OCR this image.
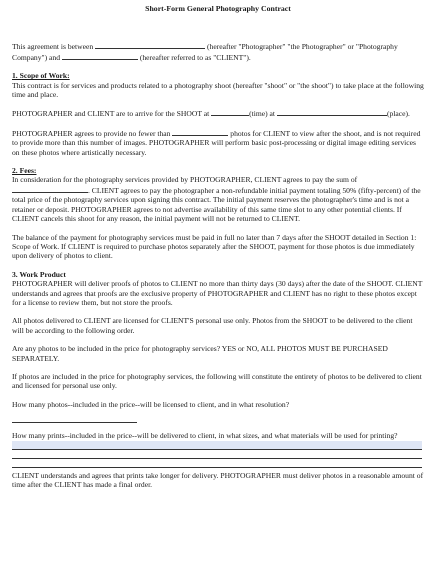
Short-Form General Photography Contract

This agreement is between	(hereafter "Photographer" "the Photographer" or "Photography Company") and	(hereafter referred to as "CLIENT").

1. Scope of Work:

This contract is for services and products related to a photography shoot (hereafter "shoot" or "the shoot") to take place at the following time and place.

PHOTOGRAPHER and CLIENT are to arrive for the SHOOT at	(time) at	(place).

PHOTOGRAPHER agrees to provide no fewer than	photos for CLIENT to view after the shoot, and is not required to provide more than this number of images. PHOTOGRAPHER will perform basic post-processing or digital image editing services on these photos where artistically necessary.

2. Fees:

In consideration for the photography services provided by PHOTOGRAPHER, CLIENT agrees to pay the sum of . CLIENT agrees to pay the photographer a non-refundable initial payment totaling 50% (fifty-percent) of the total price of the photography services upon signing this contract. The initial payment reserves the photographer's time and is not a retainer or deposit. PHOTOGRAPHER agrees to not advertise availability of this same time slot to any other potential clients. If CLIENT cancels this shoot for any reason, the initial payment will not be returned to CLIENT.

The balance of the payment for photography services must be paid in full no later than 7 days after the SHOOT detailed in Section 1: Scope of Work. If CLIENT is required to purchase photos separately after the SHOOT, payment for those photos is due immediately upon delivery of photos to client.

3. Work Product

PHOTOGRAPHER will deliver proofs of photos to CLIENT no more than thirty days (30 days) after the date of the SHOOT. CLIENT understands and agrees that proofs are the exclusive property of PHOTOGRAPHER and CLIENT has no right to these photos except for a license to review them, but not store the proofs.

All photos delivered to CLIENT are licensed for CLIENT'S personal use only. Photos from the SHOOT to be delivered to the client will be according to the following order.

Are any photos to be included in the price for photography services? YES or NO, ALL PHOTOS MUST BE PURCHASED SEPARATELY.

If photos are included in the price for photography services, the following will constitute the entirety of photos to be delivered to client and licensed for personal use only.

How many photos--included in the price--will be licensed to client, and in what resolution?

How many prints--included in the price--will be delivered to client, in what sizes, and what materials will be used for printing?

CLIENT understands and agrees that prints take longer for delivery. PHOTOGRAPHER must deliver photos in a reasonable amount of time after the CLIENT has made a final order.
